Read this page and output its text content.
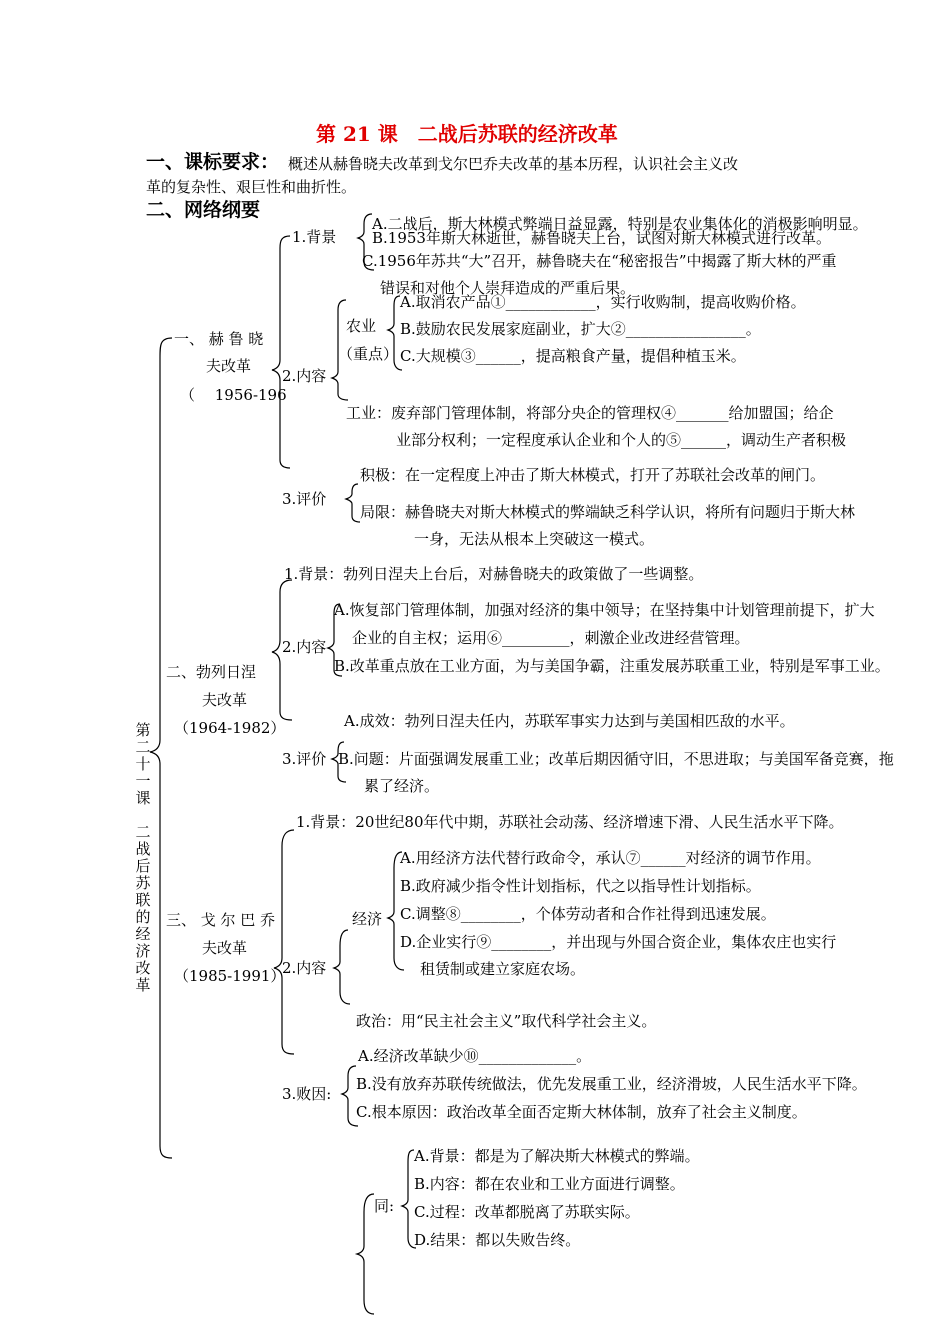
第 21 课　二战后苏联的经济改革
一、课标要求： 概述从赫鲁晓夫改革到戈尔巴乔夫改革的基本历程，认识社会主义改
革的复杂性、艰巨性和曲折性。
二、网络纲要
第
二
十
一
课
二
战
后
苏
联
的
经
济
改
革
一、 赫 鲁 晓
夫改革
（　 1956-196
1.背景
A.二战后，斯大林模式弊端日益显露，特别是农业集体化的消极影响明显。
B.1953年斯大林逝世，赫鲁晓夫上台，试图对斯大林模式进行改革。
C.1956年苏共“大”召开，赫鲁晓夫在“秘密报告”中揭露了斯大林的严重
错误和对他个人崇拜造成的严重后果。
2.内容
农业
（重点）
A.取消农产品①____________，实行收购制，提高收购价格。
B.鼓励农民发展家庭副业，扩大②________________。
C.大规模③______，提高粮食产量，提倡种植玉米。
工业：废弃部门管理体制，将部分央企的管理权④_______给加盟国；给企
业部分权利；一定程度承认企业和个人的⑤______，调动生产者积极
3.评价
积极：在一定程度上冲击了斯大林模式，打开了苏联社会改革的闸门。
局限：赫鲁晓夫对斯大林模式的弊端缺乏科学认识，将所有问题归于斯大林
一身，无法从根本上突破这一模式。
二、勃列日涅
夫改革
（1964-1982）
1.背景：勃列日涅夫上台后，对赫鲁晓夫的政策做了一些调整。
2.内容
A.恢复部门管理体制，加强对经济的集中领导；在坚持集中计划管理前提下，扩大
企业的自主权；运用⑥_________，刺激企业改进经营管理。
B.改革重点放在工业方面，为与美国争霸，注重发展苏联重工业，特别是军事工业。
3.评价
A.成效：勃列日涅夫任内，苏联军事实力达到与美国相匹敌的水平。
B.问题：片面强调发展重工业；改革后期因循守旧，不思进取；与美国军备竞赛，拖
累了经济。
三、 戈 尔 巴 乔
夫改革
（1985-1991）
1.背景：20世纪80年代中期，苏联社会动荡、经济增速下滑、人民生活水平下降。
2.内容
经济
A.用经济方法代替行政命令，承认⑦______对经济的调节作用。
B.政府减少指令性计划指标，代之以指导性计划指标。
C.调整⑧________，个体劳动者和合作社得到迅速发展。
D.企业实行⑨________，并出现与外国合资企业，集体农庄也实行
租赁制或建立家庭农场。
政治：用“民主社会主义”取代科学社会主义。
3.败因:
A.经济改革缺少⑩_____________。
B.没有放弃苏联传统做法，优先发展重工业，经济滑坡，人民生活水平下降。
C.根本原因：政治改革全面否定斯大林体制，放弃了社会主义制度。
同:
A.背景：都是为了解决斯大林模式的弊端。
B.内容：都在农业和工业方面进行调整。
C.过程：改革都脱离了苏联实际。
D.结果：都以失败告终。
